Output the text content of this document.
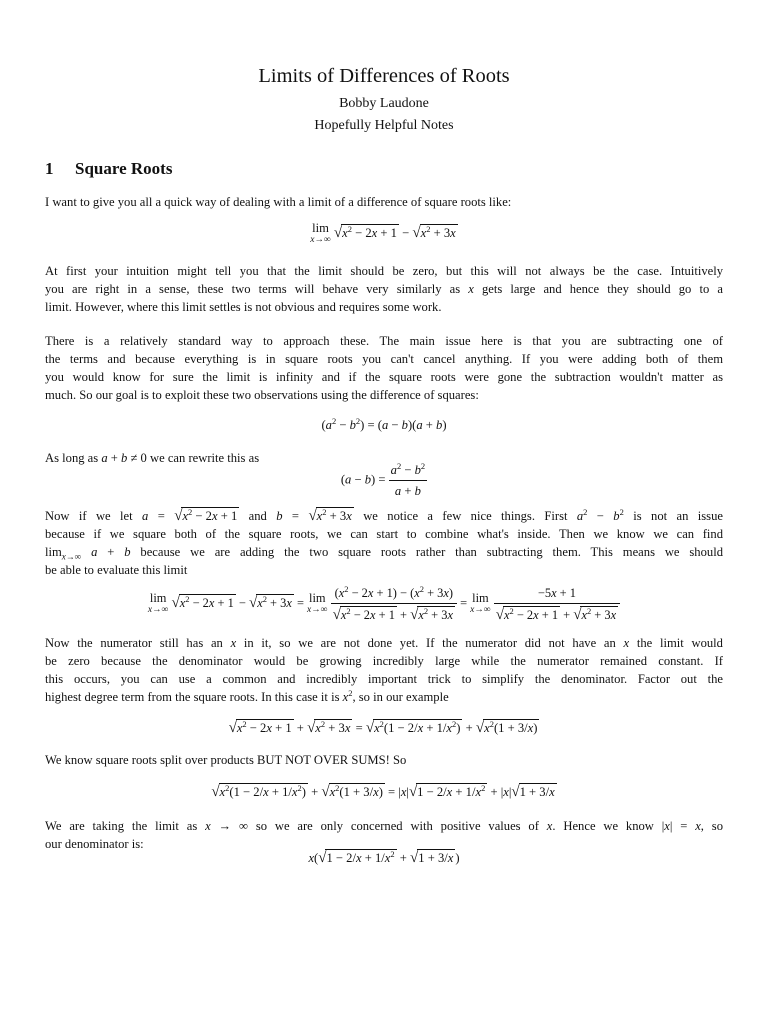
Limits of Differences of Roots
Bobby Laudone
Hopefully Helpful Notes
1 Square Roots
I want to give you all a quick way of dealing with a limit of a difference of square roots like:
lim
x→∞ $√x^2 - 2x + 1 - √x^2 + 3x$
At first your intuition might tell you that the limit should be zero, but this will not always be the case. Intuitively
you are right in a sense, these two terms will behave very similarly as x gets large and hence they should go to a
limit. However, where this limit settles is not obvious and requires some work.
There is a relatively standard way to approach these. The main issue here is that you are subtracting one of
the terms and because everything is in square roots you can't cancel anything. If you were adding both of them
you would know for sure the limit is infinity and if the square roots were gone the subtraction wouldn't matter as
much. So our goal is to exploit these two observations using the difference of squares:
$(a^2 - b^2) = (a - b)(a + b)$
As long as a + b ≠ 0 we can rewrite this as
$(a - b) = \frac{a^2 - b^2}{a + b}$
Now if we let $a = √x^2 - 2x + 1$ and $b = √x^2 + 3x$ we notice a few nice things. First $a^2 - b^2$ is not an issue
because if we square both of the square roots, we can start to combine what's inside. Then we know we can find
$\lim_{x\to\infty} a + b$ because we are adding the two square roots rather than subtracting them. This means we should
be able to evaluate this limit
lim
x→∞ $√x^2 - 2x + 1 - √x^2 + 3x = \lim$
x→∞
$\frac{(x^2 - 2x + 1) - (x^2 + 3x)}{√x^2 - 2x + 1 + √x^2 + 3x} = \lim$
x→∞
$\frac{-5x + 1}{√x^2 - 2x + 1 + √x^2 + 3x}$
Now the numerator still has an x in it, so we are not done yet. If the numerator did not have an x the limit would
be zero because the denominator would be growing incredibly large while the numerator remained constant. If
this occurs, you can use a common and incredibly important trick to simplify the denominator. Factor out the
highest degree term from the square roots. In this case it is $x^2$, so in our example
$√x^2 - 2x + 1 + √x^2 + 3x = √x^2(1 - 2/x + 1/x^2) + √x^2(1 + 3/x)$
We know square roots split over products BUT NOT OVER SUMS! So
$√x^2(1 - 2/x + 1/x^2) + √x^2(1 + 3/x) = |x|√1 - 2/x + 1/x^2 + |x|√1 + 3/x$
We are taking the limit as x → ∞ so we are only concerned with positive values of x. Hence we know |x| = x, so
our denominator is:
$x(√1 - 2/x + 1/x^2 + √1 + 3/x$ )
